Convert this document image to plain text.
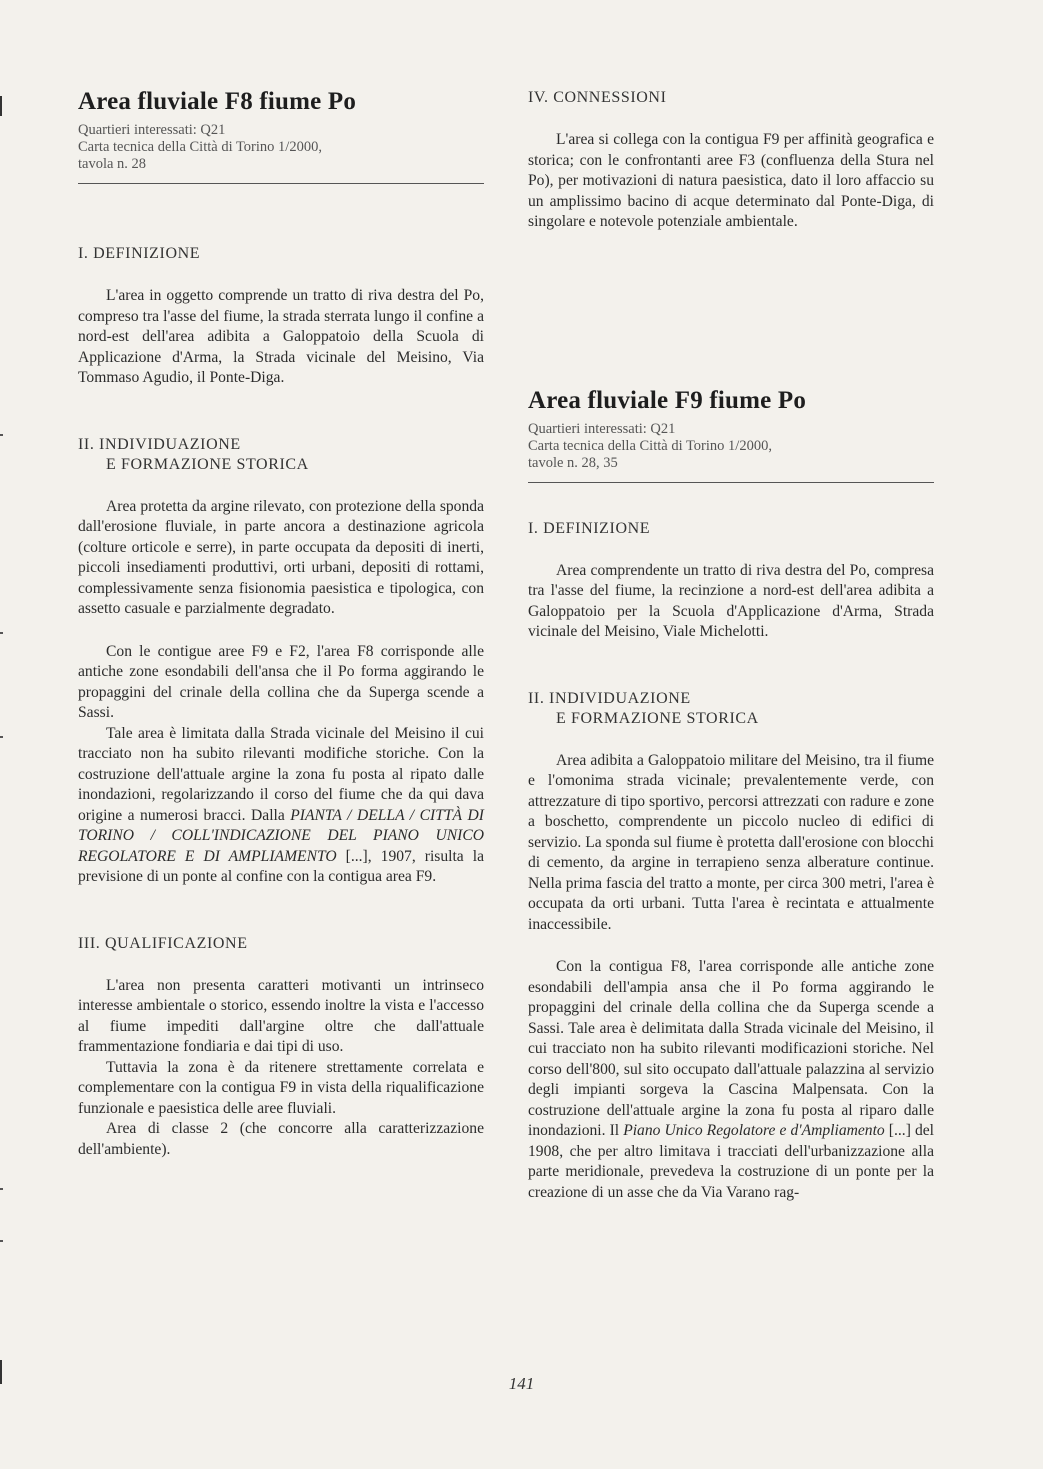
Area fluviale F8 fiume Po
Quartieri interessati: Q21
Carta tecnica della Città di Torino 1/2000,
tavola n. 28
I. DEFINIZIONE

L'area in oggetto comprende un tratto di riva destra del Po, compreso tra l'asse del fiume, la strada sterrata lungo il confine a nord-est dell'area adibita a Galoppatoio della Scuola di Applicazione d'Arma, la Strada vicinale del Meisino, Via Tommaso Agudio, il Ponte-Diga.

II. INDIVIDUAZIONE
E FORMAZIONE STORICA

Area protetta da argine rilevato, con protezione della sponda dall'erosione fluviale, in parte ancora a destinazione agricola (colture orticole e serre), in parte occupata da depositi di inerti, piccoli insediamenti produttivi, orti urbani, depositi di rottami, complessivamente senza fisionomia paesistica e tipologica, con assetto casuale e parzialmente degradato.

Con le contigue aree F9 e F2, l'area F8 corrisponde alle antiche zone esondabili dell'ansa che il Po forma aggirando le propaggini del crinale della collina che da Superga scende a Sassi.

Tale area è limitata dalla Strada vicinale del Meisino il cui tracciato non ha subito rilevanti modifiche storiche. Con la costruzione dell'attuale argine la zona fu posta al ripato dalle inondazioni, regolarizzando il corso del fiume che da qui dava origine a numerosi bracci. Dalla PIANTA / DELLA / CITTÀ DI TORINO / COLL'INDICAZIONE DEL PIANO UNICO REGOLATORE E DI AMPLIAMENTO [...], 1907, risulta la previsione di un ponte al confine con la contigua area F9.

III. QUALIFICAZIONE

L'area non presenta caratteri motivanti un intrinseco interesse ambientale o storico, essendo inoltre la vista e l'accesso al fiume impediti dall'argine oltre che dall'attuale frammentazione fondiaria e dai tipi di uso.

Tuttavia la zona è da ritenere strettamente correlata e complementare con la contigua F9 in vista della riqualificazione funzionale e paesistica delle aree fluviali.

Area di classe 2 (che concorre alla caratterizzazione dell'ambiente).

IV. CONNESSIONI

L'area si collega con la contigua F9 per affinità geografica e storica; con le confrontanti aree F3 (confluenza della Stura nel Po), per motivazioni di natura paesistica, dato il loro affaccio su un amplissimo bacino di acque determinato dal Ponte-Diga, di singolare e notevole potenziale ambientale.

Area fluviale F9 fiume Po
Quartieri interessati: Q21
Carta tecnica della Città di Torino 1/2000,
tavole n. 28, 35
I. DEFINIZIONE

Area comprendente un tratto di riva destra del Po, compresa tra l'asse del fiume, la recinzione a nord-est dell'area adibita a Galoppatoio per la Scuola d'Applicazione d'Arma, Strada vicinale del Meisino, Viale Michelotti.

II. INDIVIDUAZIONE
E FORMAZIONE STORICA

Area adibita a Galoppatoio militare del Meisino, tra il fiume e l'omonima strada vicinale; prevalentemente verde, con attrezzature di tipo sportivo, percorsi attrezzati con radure e zone a boschetto, comprendente un piccolo nucleo di edifici di servizio. La sponda sul fiume è protetta dall'erosione con blocchi di cemento, da argine in terrapieno senza alberature continue. Nella prima fascia del tratto a monte, per circa 300 metri, l'area è occupata da orti urbani. Tutta l'area è recintata e attualmente inaccessibile.

Con la contigua F8, l'area corrisponde alle antiche zone esondabili dell'ampia ansa che il Po forma aggirando le propaggini del crinale della collina che da Superga scende a Sassi. Tale area è delimitata dalla Strada vicinale del Meisino, il cui tracciato non ha subito rilevanti modificazioni storiche. Nel corso dell'800, sul sito occupato dall'attuale palazzina al servizio degli impianti sorgeva la Cascina Malpensata. Con la costruzione dell'attuale argine la zona fu posta al riparo dalle inondazioni. Il Piano Unico Regolatore e d'Ampliamento [...] del 1908, che per altro limitava i tracciati dell'urbanizzazione alla parte meridionale, prevedeva la costruzione di un ponte per la creazione di un asse che da Via Varano rag-

141
